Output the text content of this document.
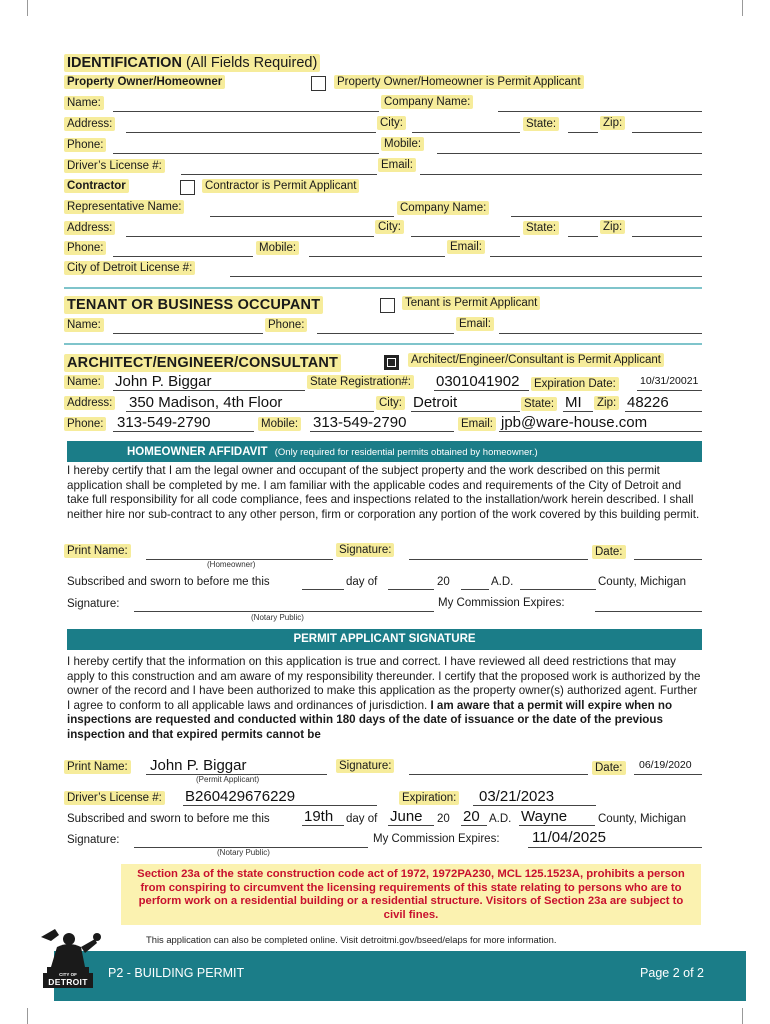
IDENTIFICATION (All Fields Required)
Property Owner/Homeowner	Property Owner/Homeowner is Permit Applicant
Name:	Company Name:
Address:	City:	State:	Zip:
Phone:	Mobile:
Driver’s License #:	Email:
Contractor	Contractor is Permit Applicant
Representative Name:	Company Name:
Address:	City:	State:	Zip:
Phone:	Mobile:	Email:
City of Detroit License #:
TENANT OR BUSINESS OCCUPANT	Tenant is Permit Applicant
Name:	Phone:	Email:
ARCHITECT/ENGINEER/CONSULTANT	Architect/Engineer/Consultant is Permit Applicant
Name: John P. Biggar	State Registration#: 0301041902 Expiration Date: 10/31/20021
Address: 350 Madison, 4th Floor	City: Detroit	State: MI Zip: 48226
Phone: 313-549-2790	Mobile: 313-549-2790	Email: jpb@ware-house.com
HOMEOWNER AFFIDAVIT (Only required for residential permits obtained by homeowner.)
I hereby certify that I am the legal owner and occupant of the subject property and the work described on this permit application shall be completed by me. I am familiar with the applicable codes and requirements of the City of Detroit and take full responsibility for all code compliance, fees and inspections related to the installation/work herein described. I shall neither hire nor sub-contract to any other person, firm or corporation any portion of the work covered by this building permit.
Print Name:	Signature:	Date:
(Homeowner)
Subscribed and sworn to before me this	day of	20	A.D.	County, Michigan
Signature:	My Commission Expires:
(Notary Public)
PERMIT APPLICANT SIGNATURE
I hereby certify that the information on this application is true and correct. I have reviewed all deed restrictions that may apply to this construction and am aware of my responsibility thereunder. I certify that the proposed work is authorized by the owner of the record and I have been authorized to make this application as the property owner(s) authorized agent. Further I agree to conform to all applicable laws and ordinances of jurisdiction. I am aware that a permit will expire when no inspections are requested and conducted within 180 days of the date of issuance or the date of the previous inspection and that expired permits cannot be
Print Name: John P. Biggar	Signature:	Date: 06/19/2020
(Permit Applicant)
Driver’s License #: B260429676229	Expiration: 03/21/2023
Subscribed and sworn to before me this 19th day of June 20 20 A.D. Wayne	County, Michigan
Signature:	My Commission Expires: 11/04/2025
(Notary Public)
Section 23a of the state construction code act of 1972, 1972PA230, MCL 125.1523A, prohibits a person from conspiring to circumvent the licensing requirements of this state relating to persons who are to perform work on a residential building or a residential structure. Visitors of Section 23a are subject to civil fines.
This application can also be completed online. Visit detroitmi.gov/bseed/elaps for more information.
P2 - BUILDING PERMIT	Page 2 of 2
CITY OF
DETROIT
